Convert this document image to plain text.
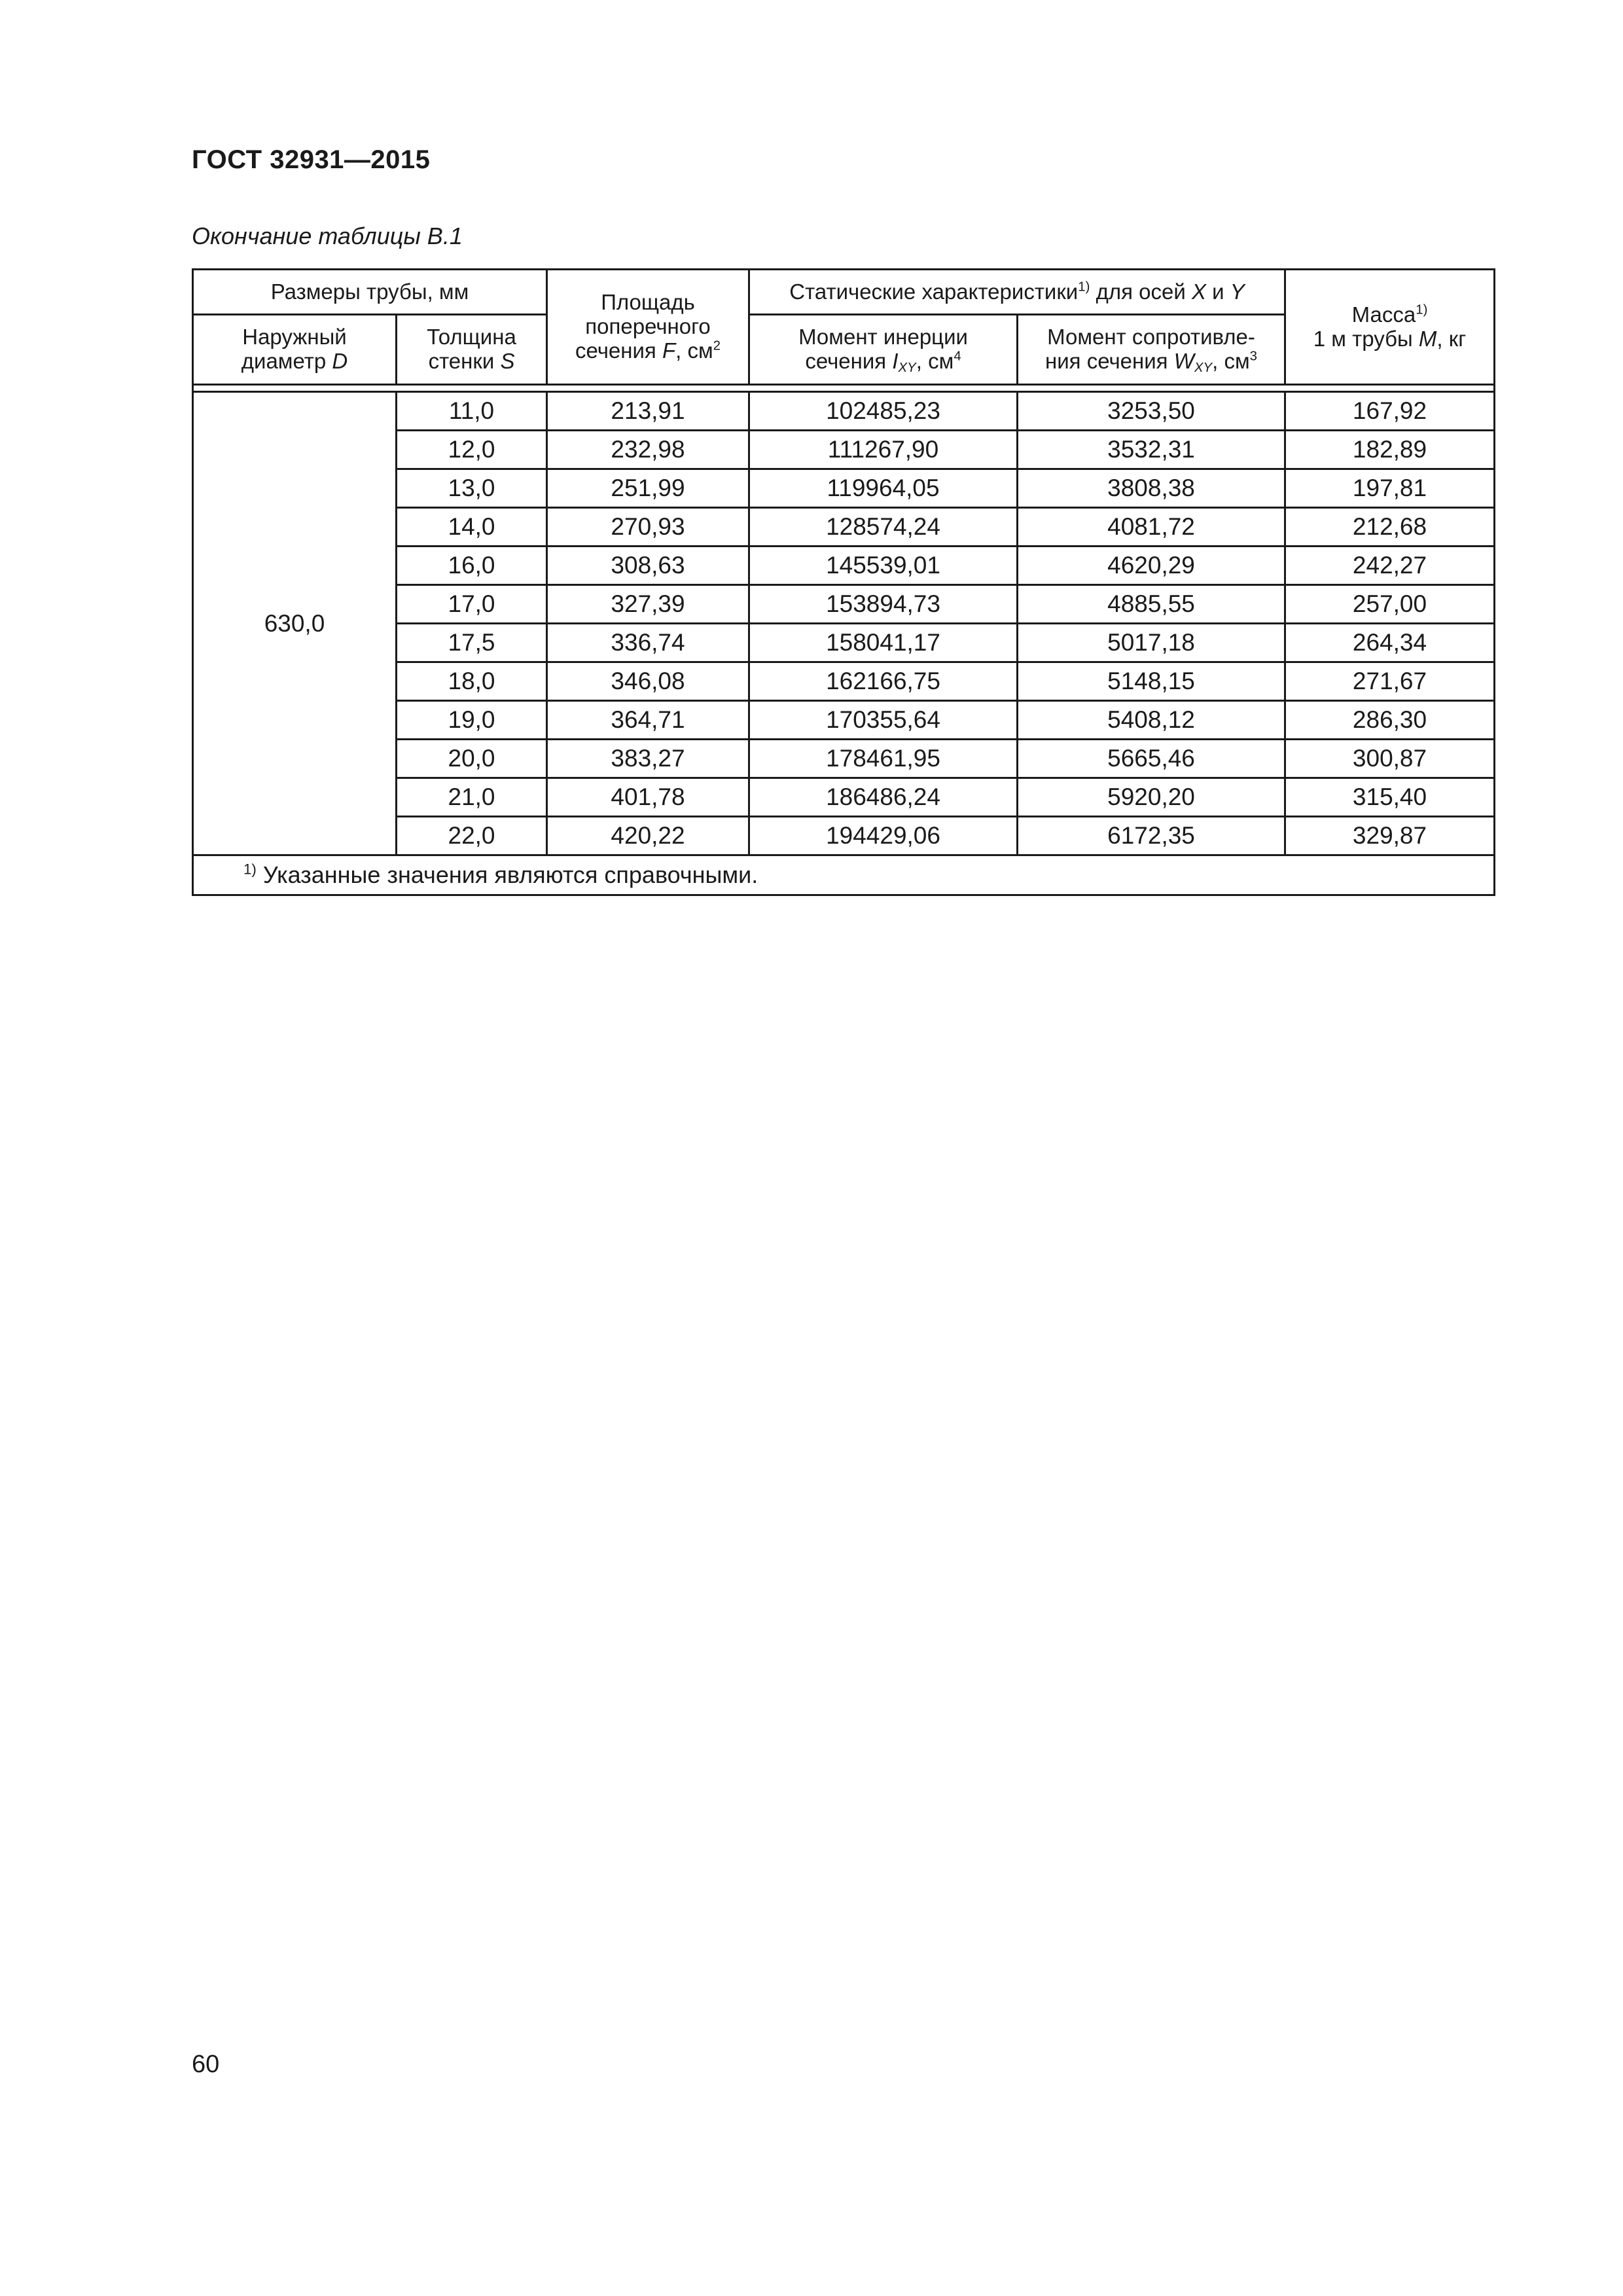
ГОСТ 32931—2015
Окончание таблицы В.1
Размеры трубы, мм		Площадь
поперечного
сечения F, $см^2$	Статические характеристики$^{1)}$ для осей X и Y		Масса$^{1)}$
1 м трубы M, кг
Наружный
диаметр D	Толщина
стенки S		Момент инерции
сечения $I_{XY}$, $см^4$	Момент сопротивле-
ния сечения $W_{XY}$, $см^3$

630,0	11,0	213,91	102485,23	3253,50	167,92
	12,0	232,98	111267,90	3532,31	182,89
	13,0	251,99	119964,05	3808,38	197,81
	14,0	270,93	128574,24	4081,72	212,68
	16,0	308,63	145539,01	4620,29	242,27
	17,0	327,39	153894,73	4885,55	257,00
	17,5	336,74	158041,17	5017,18	264,34
	18,0	346,08	162166,75	5148,15	271,67
	19,0	364,71	170355,64	5408,12	286,30
	20,0	383,27	178461,95	5665,46	300,87
	21,0	401,78	186486,24	5920,20	315,40
	22,0	420,22	194429,06	6172,35	329,87
$^{1)}$ Указанные значения являются справочными.					
60
